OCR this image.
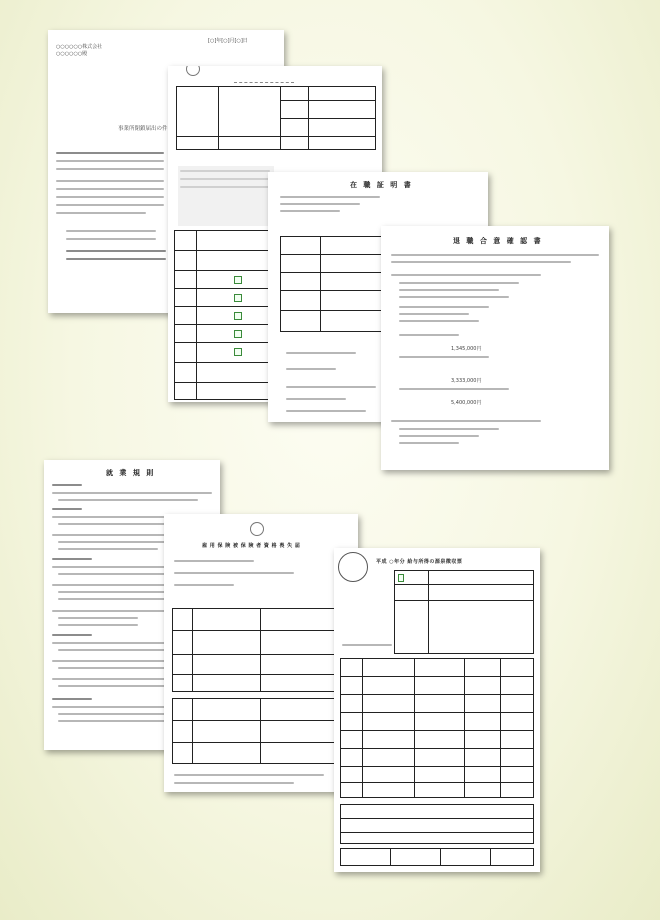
[○]年[○]月[○]日
○○○○○○株式会社
○○○○○○殿
事業所閉鎖届出の件
在 職 証 明 書
退 職 合 意 確 認 書
1,345,000円
3,333,000円
5,400,000円
就 業 規 則
雇 用 保 険 被 保 険 者 資 格 喪 失 届
平成 ○年分 給与所得の源泉徴収票
